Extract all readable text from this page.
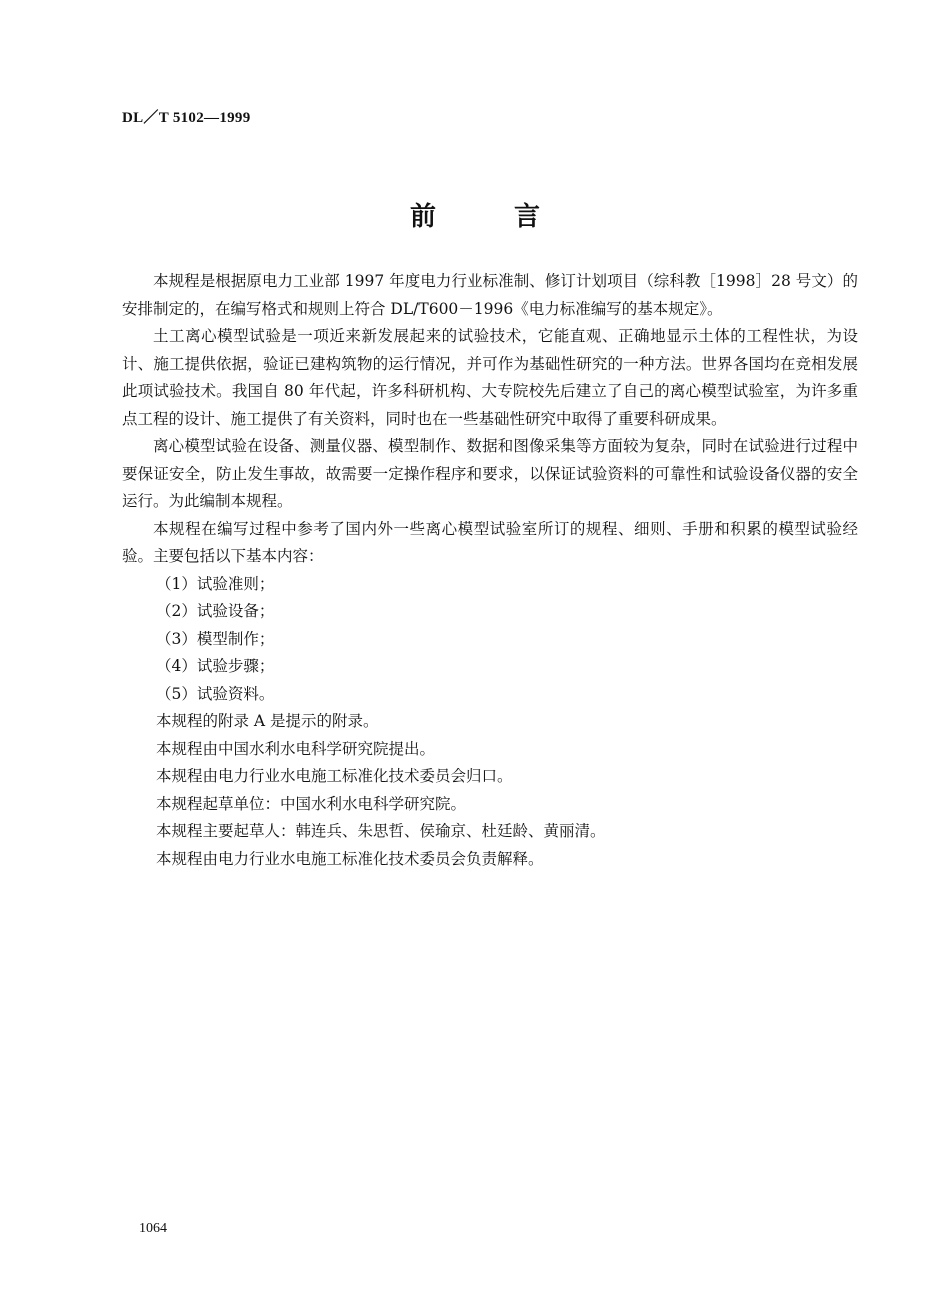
DL／T 5102—1999
前言

本规程是根据原电力工业部 1997 年度电力行业标准制、修订计划项目（综科教［1998］28 号文）的安排制定的，在编写格式和规则上符合 DL/T600－1996《电力标准编写的基本规定》。

土工离心模型试验是一项近来新发展起来的试验技术，它能直观、正确地显示土体的工程性状，为设计、施工提供依据，验证已建构筑物的运行情况，并可作为基础性研究的一种方法。世界各国均在竞相发展此项试验技术。我国自 80 年代起，许多科研机构、大专院校先后建立了自己的离心模型试验室，为许多重点工程的设计、施工提供了有关资料，同时也在一些基础性研究中取得了重要科研成果。

离心模型试验在设备、测量仪器、模型制作、数据和图像采集等方面较为复杂，同时在试验进行过程中要保证安全，防止发生事故，故需要一定操作程序和要求，以保证试验资料的可靠性和试验设备仪器的安全运行。为此编制本规程。

本规程在编写过程中参考了国内外一些离心模型试验室所订的规程、细则、手册和积累的模型试验经验。主要包括以下基本内容：

（1）试验准则；

（2）试验设备；

（3）模型制作；

（4）试验步骤；

（5）试验资料。

本规程的附录 A 是提示的附录。

本规程由中国水利水电科学研究院提出。

本规程由电力行业水电施工标准化技术委员会归口。

本规程起草单位：中国水利水电科学研究院。

本规程主要起草人：韩连兵、朱思哲、侯瑜京、杜廷龄、黄丽清。

本规程由电力行业水电施工标准化技术委员会负责解释。

1064
